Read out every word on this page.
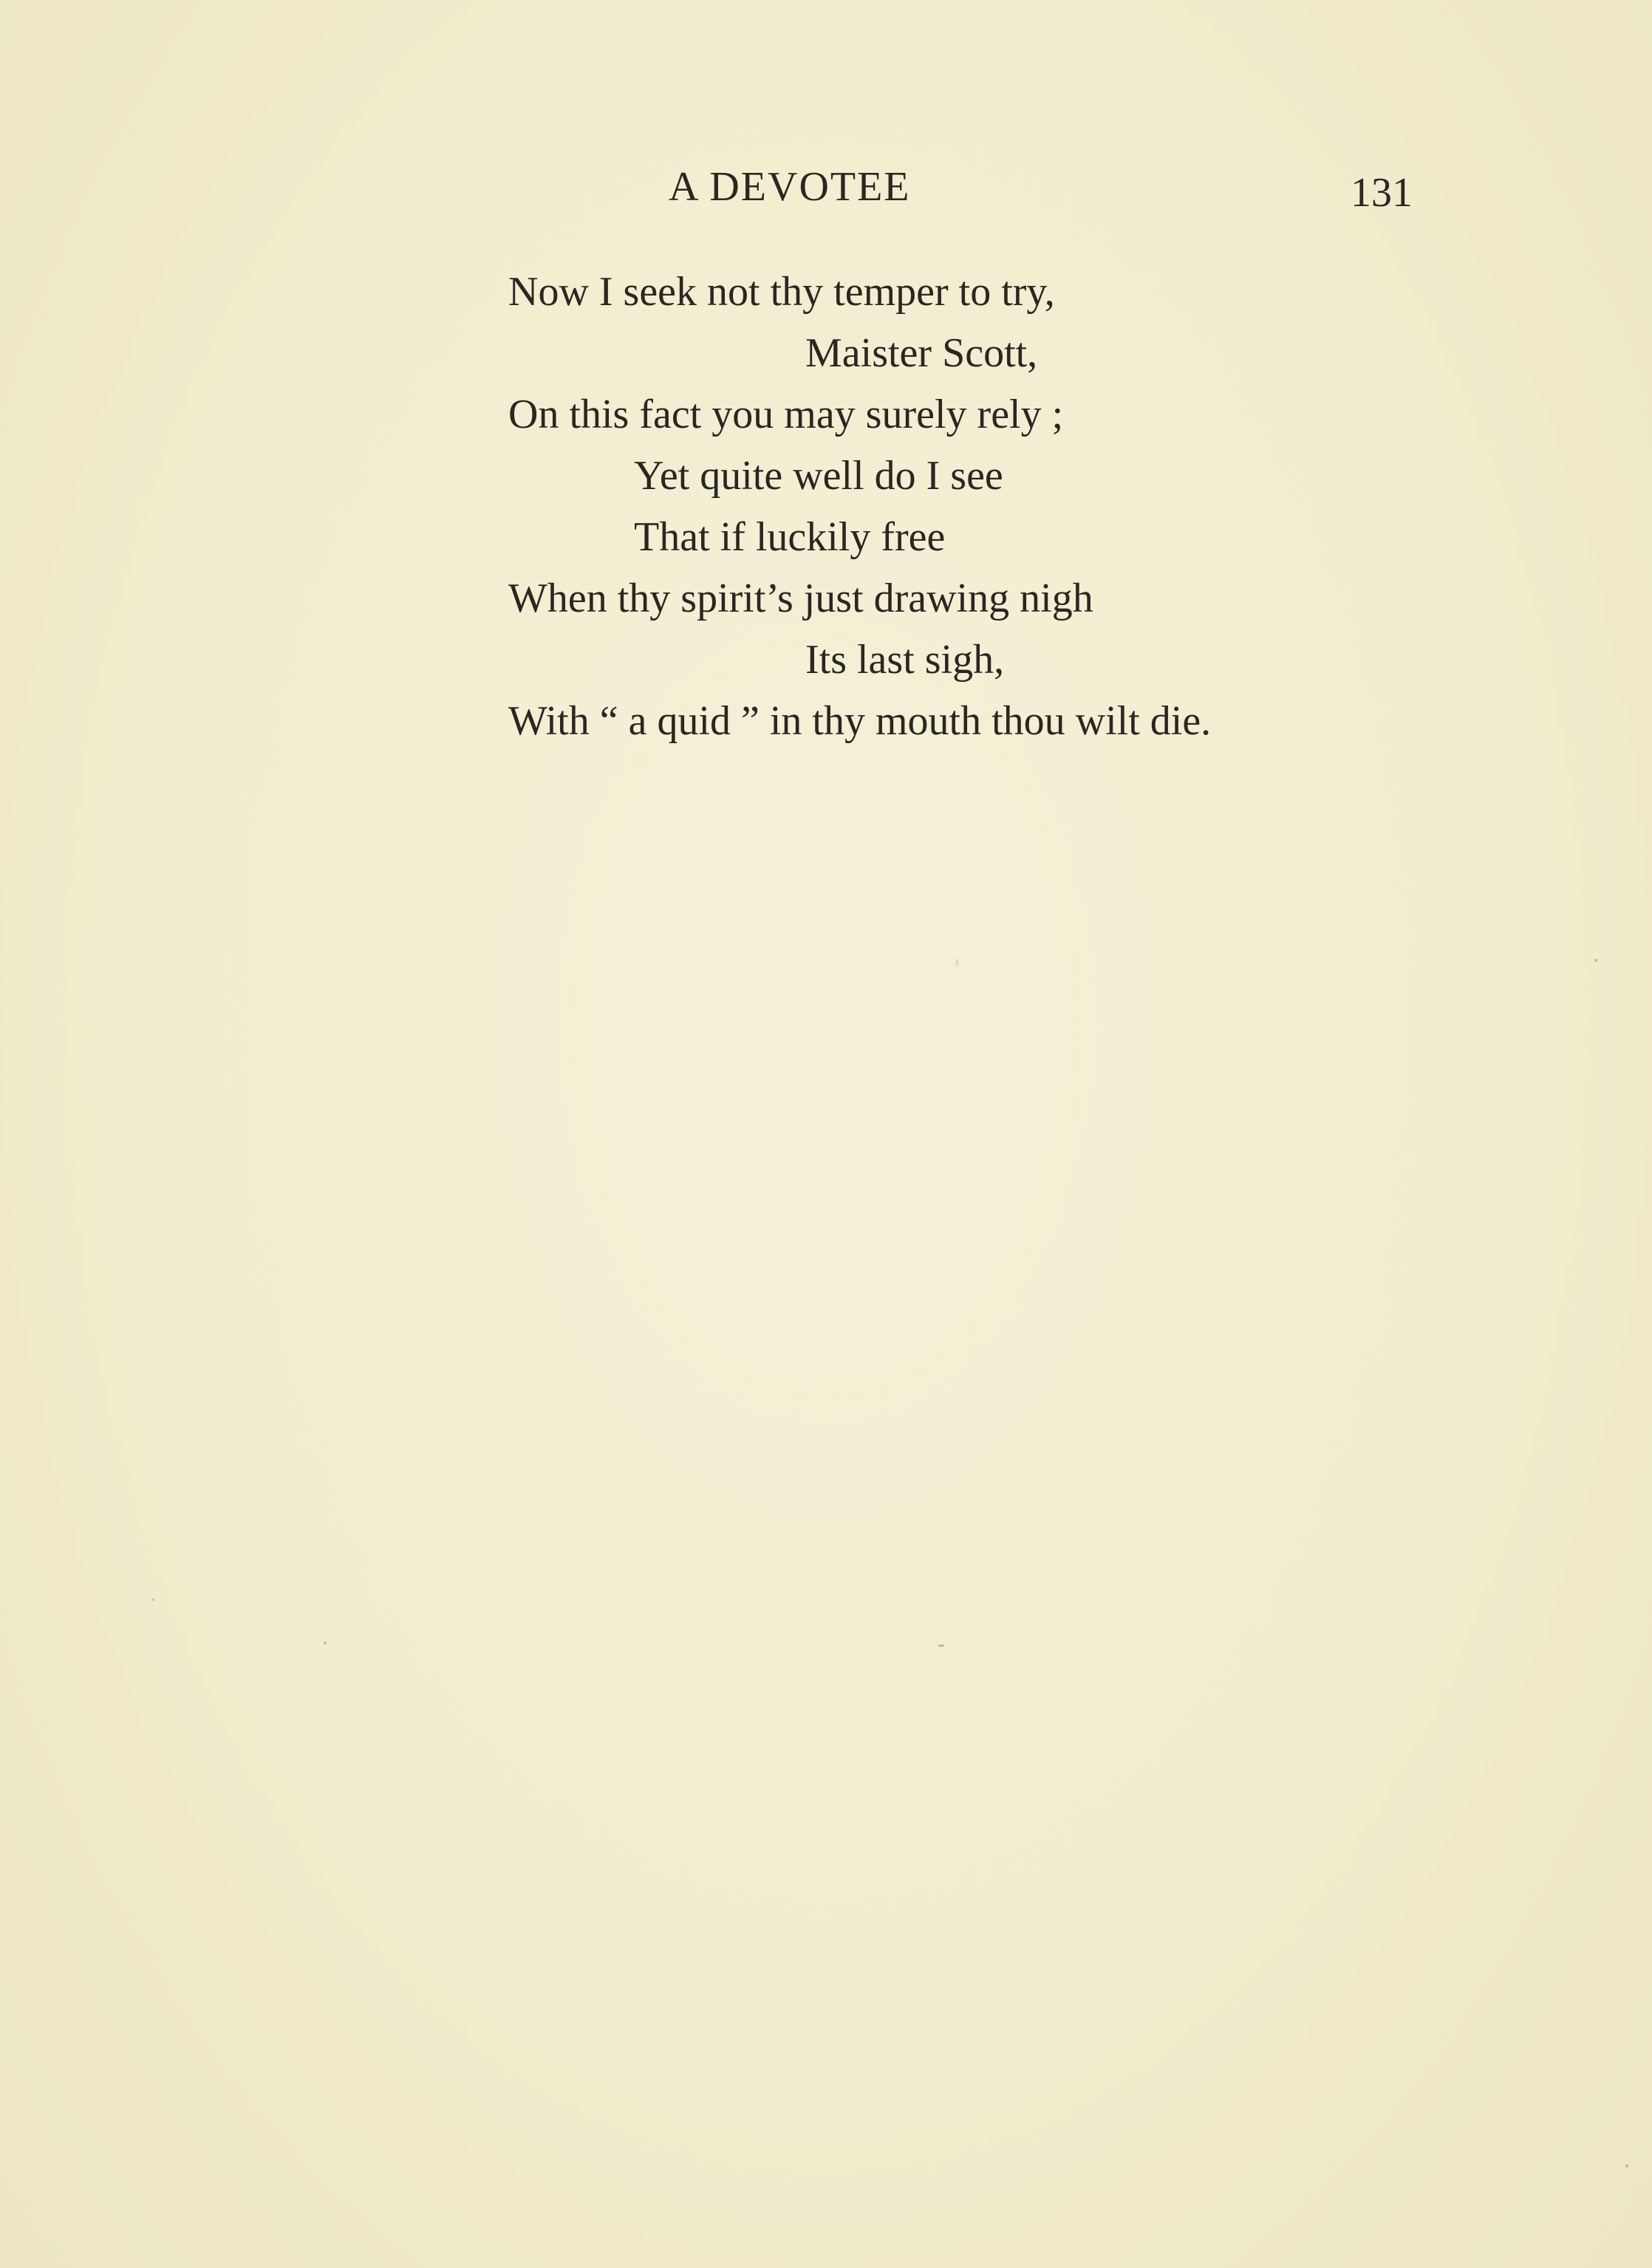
A DEVOTEE	131
Now I seek not thy temper to try,
Maister Scott,
On this fact you may surely rely ;
Yet quite well do I see
That if luckily free
When thy spirit’s just drawing nigh
Its last sigh,
With “ a quid ” in thy mouth thou wilt die.
